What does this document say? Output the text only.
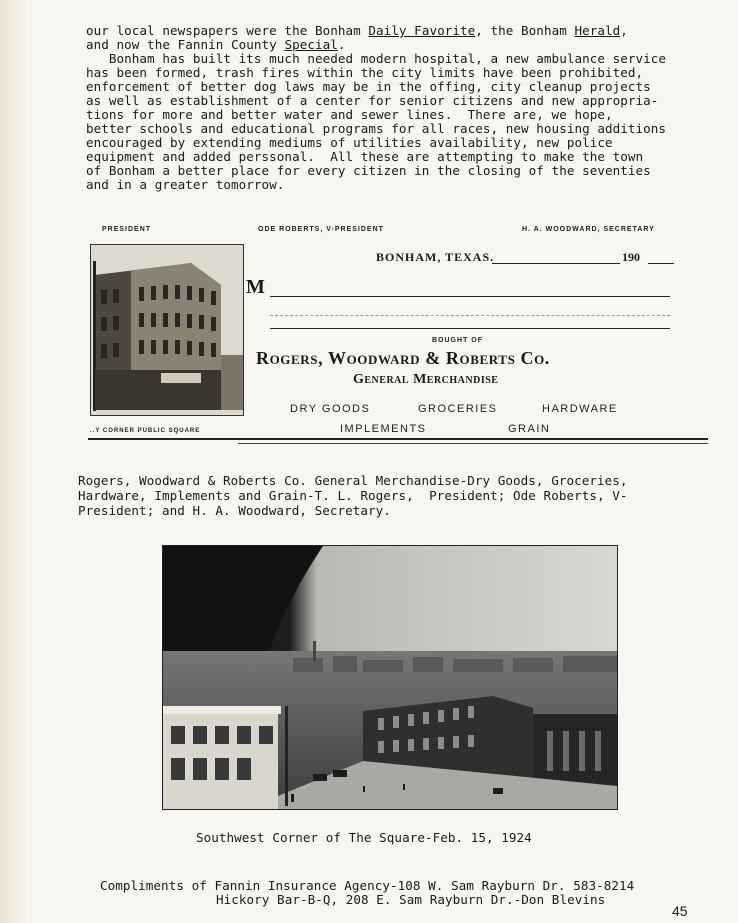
our local newspapers were the Bonham Daily Favorite, the Bonham Herald,
and now the Fannin County Special.
Bonham has built its much needed modern hospital, a new ambulance service
has been formed, trash fires within the city limits have been prohibited,
enforcement of better dog laws may be in the offing, city cleanup projects
as well as establishment of a center for senior citizens and new appropria-
tions for more and better water and sewer lines.  There are, we hope,
better schools and educational programs for all races, new housing additions
encouraged by extending mediums of utilities availability, new police
equipment and added perssonal.  All these are attempting to make the town
of Bonham a better place for every citizen in the closing of the seventies
and in a greater tomorrow.
PRESIDENT	ODE ROBERTS, V-PRESIDENT	H. A. WOODWARD, SECRETARY
..Y CORNER PUBLIC SQUARE
BONHAM, TEXAS.	190
M
BOUGHT OF
Rogers, Woodward & Roberts Co.
General Merchandise
DRY GOODS	GROCERIES	HARDWARE
IMPLEMENTS	GRAIN
Rogers, Woodward & Roberts Co. General Merchandise-Dry Goods, Groceries,
Hardware, Implements and Grain-T. L. Rogers,  President; Ode Roberts, V-
President; and H. A. Woodward, Secretary.
Southwest Corner of The Square-Feb. 15, 1924
Compliments of Fannin Insurance Agency-108 W. Sam Rayburn Dr. 583-8214
Hickory Bar-B-Q, 208 E. Sam Rayburn Dr.-Don Blevins
45
